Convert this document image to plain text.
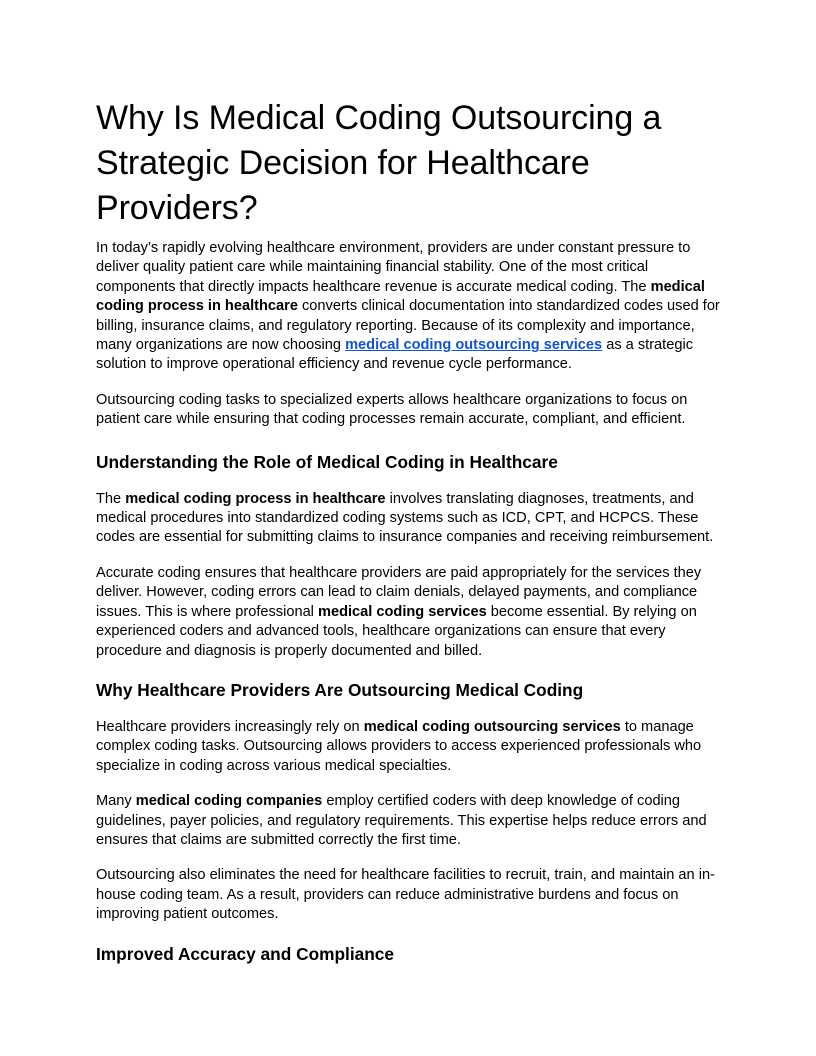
Why Is Medical Coding Outsourcing a Strategic Decision for Healthcare Providers?

In today’s rapidly evolving healthcare environment, providers are under constant pressure to deliver quality patient care while maintaining financial stability. One of the most critical components that directly impacts healthcare revenue is accurate medical coding. The medical coding process in healthcare converts clinical documentation into standardized codes used for billing, insurance claims, and regulatory reporting. Because of its complexity and importance, many organizations are now choosing medical coding outsourcing services as a strategic solution to improve operational efficiency and revenue cycle performance.

Outsourcing coding tasks to specialized experts allows healthcare organizations to focus on patient care while ensuring that coding processes remain accurate, compliant, and efficient.

Understanding the Role of Medical Coding in Healthcare

The medical coding process in healthcare involves translating diagnoses, treatments, and medical procedures into standardized coding systems such as ICD, CPT, and HCPCS. These codes are essential for submitting claims to insurance companies and receiving reimbursement.

Accurate coding ensures that healthcare providers are paid appropriately for the services they deliver. However, coding errors can lead to claim denials, delayed payments, and compliance issues. This is where professional medical coding services become essential. By relying on experienced coders and advanced tools, healthcare organizations can ensure that every procedure and diagnosis is properly documented and billed.

Why Healthcare Providers Are Outsourcing Medical Coding

Healthcare providers increasingly rely on medical coding outsourcing services to manage complex coding tasks. Outsourcing allows providers to access experienced professionals who specialize in coding across various medical specialties.

Many medical coding companies employ certified coders with deep knowledge of coding guidelines, payer policies, and regulatory requirements. This expertise helps reduce errors and ensures that claims are submitted correctly the first time.

Outsourcing also eliminates the need for healthcare facilities to recruit, train, and maintain an in-house coding team. As a result, providers can reduce administrative burdens and focus on improving patient outcomes.

Improved Accuracy and Compliance
